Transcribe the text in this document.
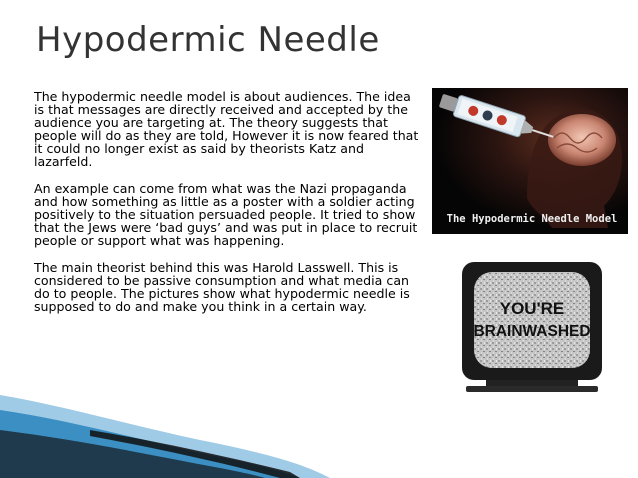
Hypodermic Needle

The hypodermic needle model is about audiences. The idea is that messages are directly received and accepted by the audience you are targeting at. The theory suggests that people will do as they are told, However it is now feared that it could no longer exist as said by theorists Katz and lazarfeld.

An example can come from what was the Nazi propaganda and how something as little as a poster with a soldier acting positively to the situation persuaded people. It tried to show that the Jews were ‘bad guys’ and was put in place to recruit people or support what was happening.

The main theorist behind this was Harold Lasswell. This is considered to be passive consumption and what media can do to people. The pictures show what hypodermic needle is supposed to do and make you think in a certain way.

The Hypodermic Needle Model
YOU'RE
BRAINWASHED
